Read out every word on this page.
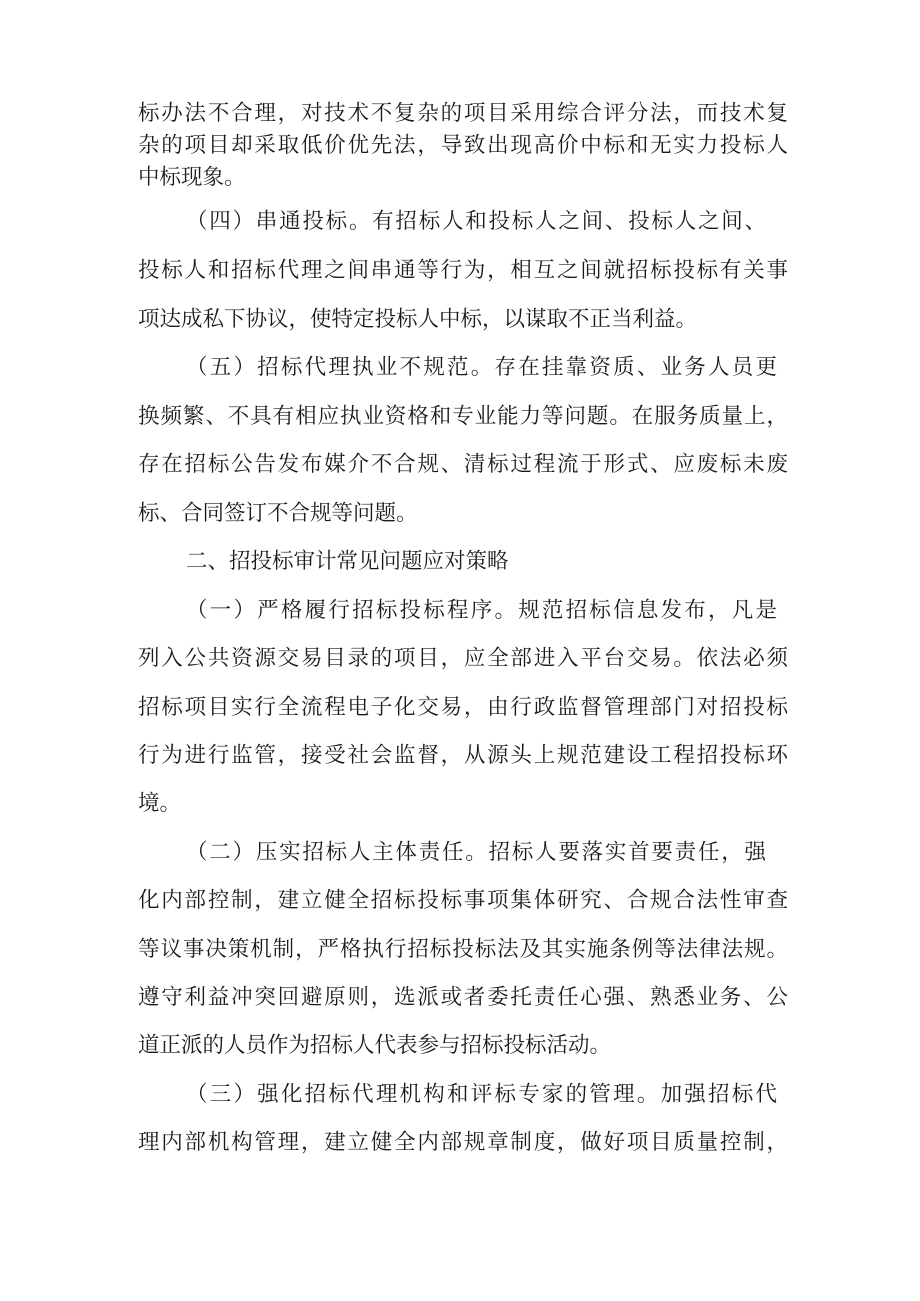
标办法不合理，对技术不复杂的项目采用综合评分法，而技术复
杂的项目却采取低价优先法，导致出现高价中标和无实力投标人
中标现象。
（四）串通投标。有招标人和投标人之间、投标人之间、
投标人和招标代理之间串通等行为，相互之间就招标投标有关事
项达成私下协议，使特定投标人中标，以谋取不正当利益。
（五）招标代理执业不规范。存在挂靠资质、业务人员更
换频繁、不具有相应执业资格和专业能力等问题。在服务质量上，
存在招标公告发布媒介不合规、清标过程流于形式、应废标未废
标、合同签订不合规等问题。
二、招投标审计常见问题应对策略
（一）严格履行招标投标程序。规范招标信息发布，凡是
列入公共资源交易目录的项目，应全部进入平台交易。依法必须
招标项目实行全流程电子化交易，由行政监督管理部门对招投标
行为进行监管，接受社会监督，从源头上规范建设工程招投标环
境。
（二）压实招标人主体责任。招标人要落实首要责任，强
化内部控制，建立健全招标投标事项集体研究、合规合法性审查
等议事决策机制，严格执行招标投标法及其实施条例等法律法规。
遵守利益冲突回避原则，选派或者委托责任心强、熟悉业务、公
道正派的人员作为招标人代表参与招标投标活动。
（三）强化招标代理机构和评标专家的管理。加强招标代
理内部机构管理，建立健全内部规章制度，做好项目质量控制，
